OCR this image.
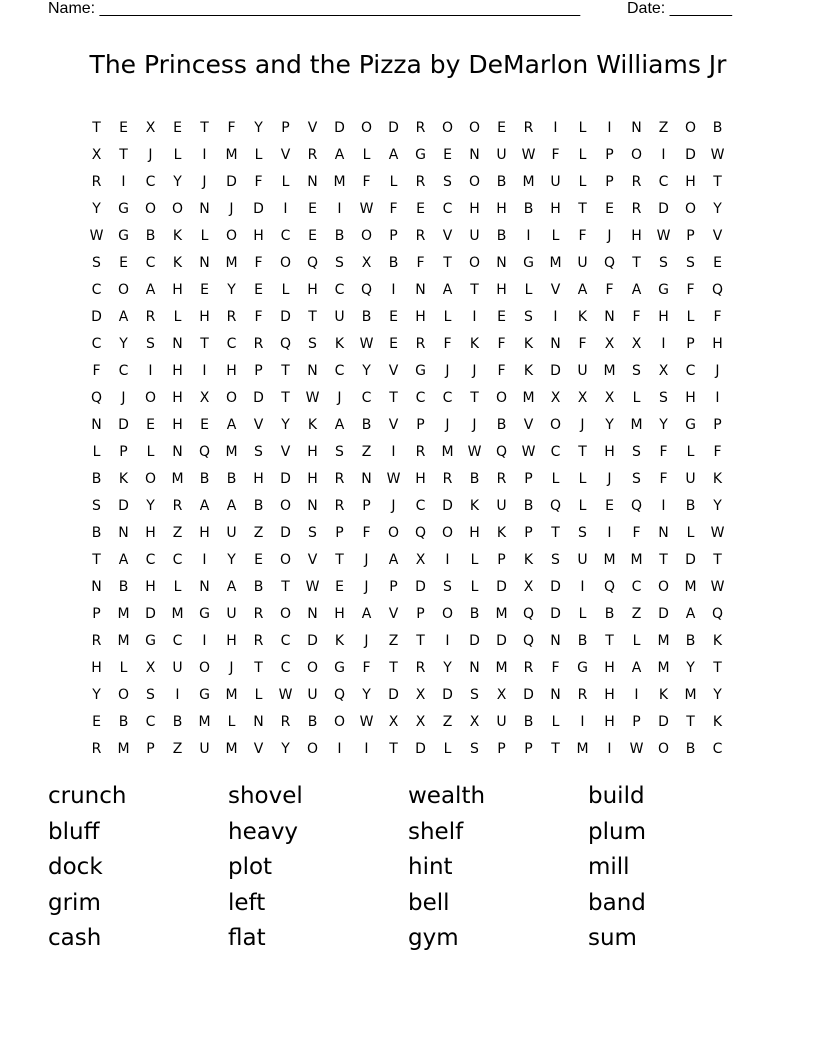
Name: ______________________________________________________	Date: _______
The Princess and the Pizza by DeMarlon Williams Jr
T	E	X	E	T	F	Y	P	V	D	O	D	R	O	O	E	R	I	L	I	N	Z	O	B
X	T	J	L	I	M	L	V	R	A	L	A	G	E	N	U	W	F	L	P	O	I	D	W
R	I	C	Y	J	D	F	L	N	M	F	L	R	S	O	B	M	U	L	P	R	C	H	T
Y	G	O	O	N	J	D	I	E	I	W	F	E	C	H	H	B	H	T	E	R	D	O	Y
W	G	B	K	L	O	H	C	E	B	O	P	R	V	U	B	I	L	F	J	H	W	P	V
S	E	C	K	N	M	F	O	Q	S	X	B	F	T	O	N	G	M	U	Q	T	S	S	E
C	O	A	H	E	Y	E	L	H	C	Q	I	N	A	T	H	L	V	A	F	A	G	F	Q
D	A	R	L	H	R	F	D	T	U	B	E	H	L	I	E	S	I	K	N	F	H	L	F
C	Y	S	N	T	C	R	Q	S	K	W	E	R	F	K	F	K	N	F	X	X	I	P	H
F	C	I	H	I	H	P	T	N	C	Y	V	G	J	J	F	K	D	U	M	S	X	C	J
Q	J	O	H	X	O	D	T	W	J	C	T	C	C	T	O	M	X	X	X	L	S	H	I
N	D	E	H	E	A	V	Y	K	A	B	V	P	J	J	B	V	O	J	Y	M	Y	G	P
L	P	L	N	Q	M	S	V	H	S	Z	I	R	M	W	Q	W	C	T	H	S	F	L	F
B	K	O	M	B	B	H	D	H	R	N	W	H	R	B	R	P	L	L	J	S	F	U	K
S	D	Y	R	A	A	B	O	N	R	P	J	C	D	K	U	B	Q	L	E	Q	I	B	Y
B	N	H	Z	H	U	Z	D	S	P	F	O	Q	O	H	K	P	T	S	I	F	N	L	W
T	A	C	C	I	Y	E	O	V	T	J	A	X	I	L	P	K	S	U	M	M	T	D	T
N	B	H	L	N	A	B	T	W	E	J	P	D	S	L	D	X	D	I	Q	C	O	M	W
P	M	D	M	G	U	R	O	N	H	A	V	P	O	B	M	Q	D	L	B	Z	D	A	Q
R	M	G	C	I	H	R	C	D	K	J	Z	T	I	D	D	Q	N	B	T	L	M	B	K
H	L	X	U	O	J	T	C	O	G	F	T	R	Y	N	M	R	F	G	H	A	M	Y	T
Y	O	S	I	G	M	L	W	U	Q	Y	D	X	D	S	X	D	N	R	H	I	K	M	Y
E	B	C	B	M	L	N	R	B	O	W	X	X	Z	X	U	B	L	I	H	P	D	T	K
R	M	P	Z	U	M	V	Y	O	I	I	T	D	L	S	P	P	T	M	I	W	O	B	C
crunch	shovel	wealth	build
bluff	heavy	shelf	plum
dock	plot	hint	mill
grim	left	bell	band
cash	flat	gym	sum
